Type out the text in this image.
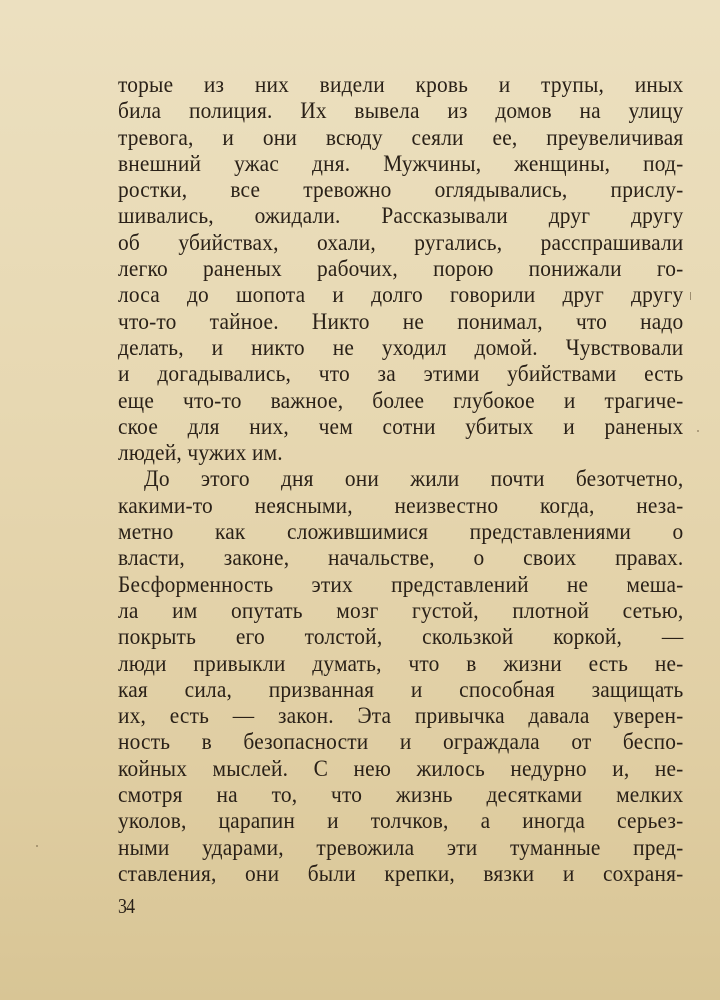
торые из них видели кровь и трупы, иных
била полиция. Их вывела из домов на улицу
тревога, и они всюду сеяли ее, преувеличивая
внешний ужас дня. Мужчины, женщины, под-
ростки, все тревожно оглядывались, прислу-
шивались, ожидали. Рассказывали друг другу
об убийствах, охали, ругались, расспрашивали
легко раненых рабочих, порою понижали го-
лоса до шопота и долго говорили друг другу
что-то тайное. Никто не понимал, что надо
делать, и никто не уходил домой. Чувствовали
и догадывались, что за этими убийствами есть
еще что-то важное, более глубокое и трагиче-
ское для них, чем сотни убитых и раненых
людей, чужих им.
До этого дня они жили почти безотчетно,
какими-то неясными, неизвестно когда, неза-
метно как сложившимися представлениями о
власти, законе, начальстве, о своих правах.
Бесформенность этих представлений не меша-
ла им опутать мозг густой, плотной сетью,
покрыть его толстой, скользкой коркой, —
люди привыкли думать, что в жизни есть не-
кая сила, призванная и способная защищать
их, есть — закон. Эта привычка давала уверен-
ность в безопасности и ограждала от беспо-
койных мыслей. С нею жилось недурно и, не-
смотря на то, что жизнь десятками мелких
уколов, царапин и толчков, а иногда серьез-
ными ударами, тревожила эти туманные пред-
ставления, они были крепки, вязки и сохраня-
34
